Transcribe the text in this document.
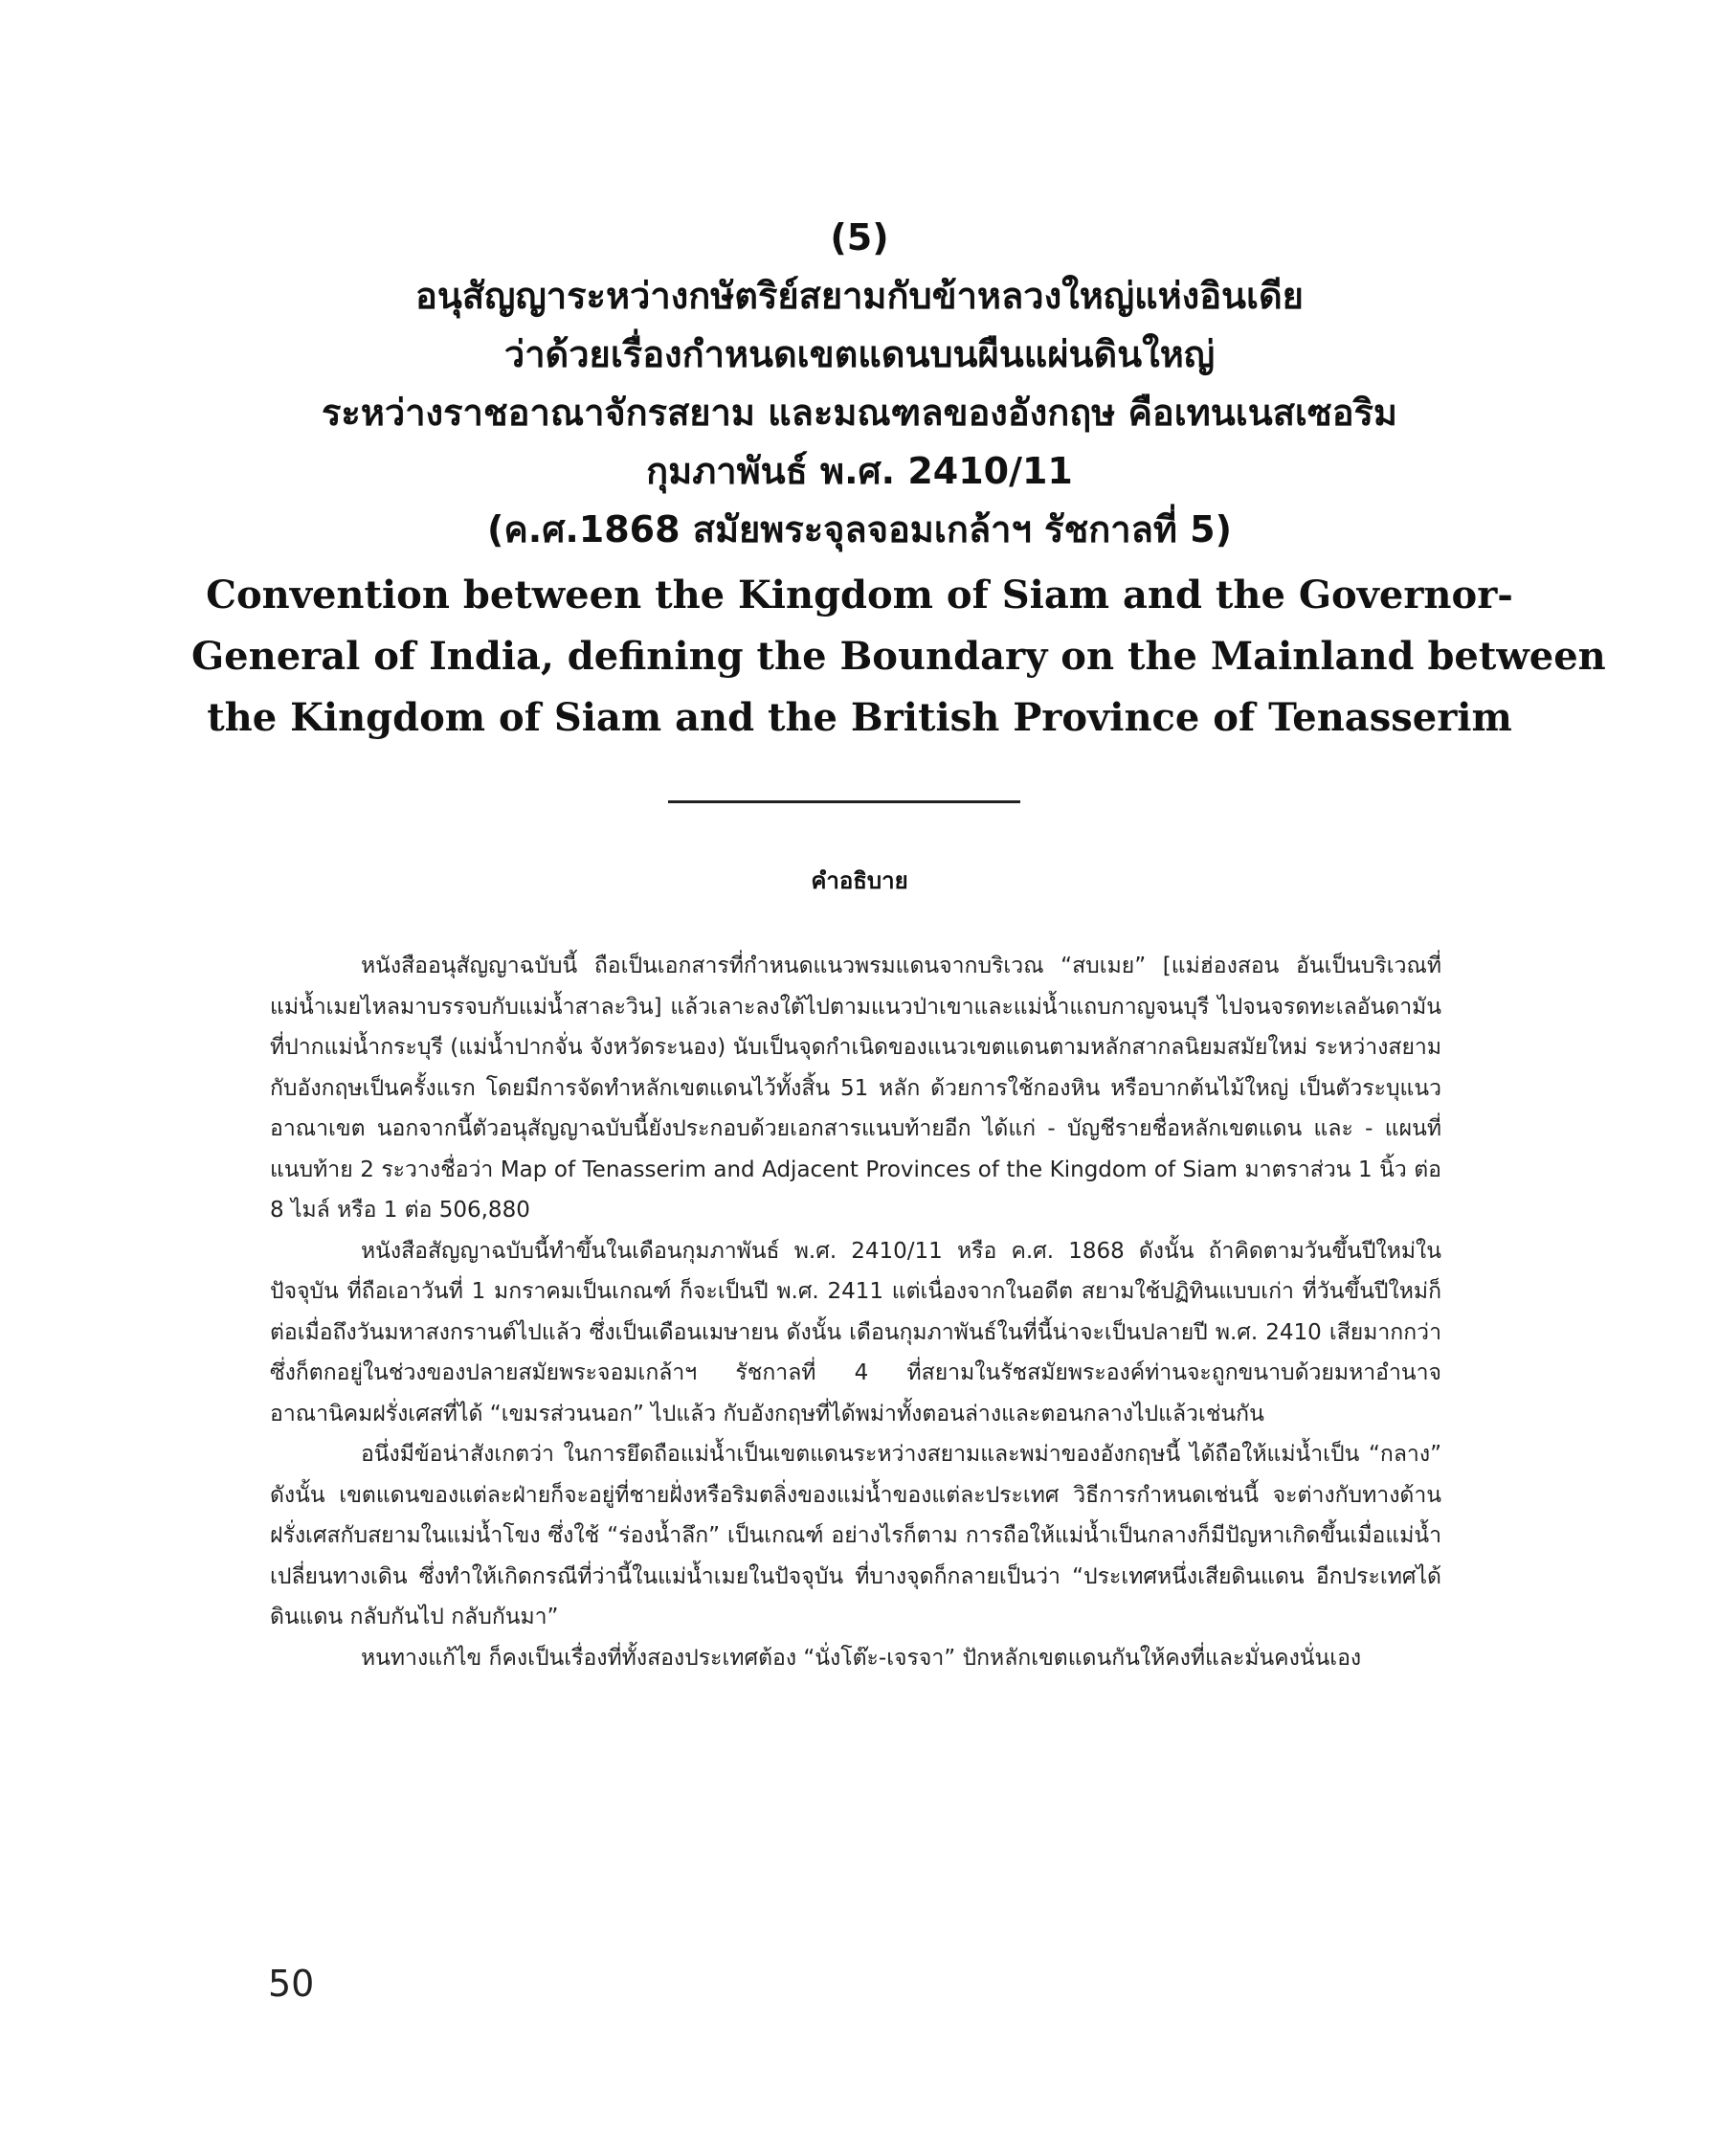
(5)
อนุสัญญาระหว่างกษัตริย์สยามกับข้าหลวงใหญ่แห่งอินเดีย
ว่าด้วยเรื่องกำหนดเขตแดนบนผืนแผ่นดินใหญ่
ระหว่างราชอาณาจักรสยาม และมณฑลของอังกฤษ คือเทนเนสเซอริม
กุมภาพันธ์ พ.ศ. 2410/11
(ค.ศ.1868 สมัยพระจุลจอมเกล้าฯ รัชกาลที่ 5)
Convention between the Kingdom of Siam and the Governor-
General of India, defining the Boundary on the Mainland between
the Kingdom of Siam and the British Province of Tenasserim
คำอธิบาย

หนังสืออนุสัญญาฉบับนี้ ถือเป็นเอกสารที่กำหนดแนวพรมแดนจากบริเวณ “สบเมย” [แม่ฮ่องสอน อันเป็นบริเวณที่แม่น้ำเมยไหลมาบรรจบกับแม่น้ำสาละวิน] แล้วเลาะลงใต้ไปตามแนวป่าเขาและแม่น้ำแถบกาญจนบุรี ไปจนจรดทะเลอันดามันที่ปากแม่น้ำกระบุรี (แม่น้ำปากจั่น จังหวัดระนอง) นับเป็นจุดกำเนิดของแนวเขตแดนตามหลักสากลนิยมสมัยใหม่ ระหว่างสยามกับอังกฤษเป็นครั้งแรก โดยมีการจัดทำหลักเขตแดนไว้ทั้งสิ้น 51 หลัก ด้วยการใช้กองหิน หรือบากต้นไม้ใหญ่ เป็นตัวระบุแนวอาณาเขต นอกจากนี้ตัวอนุสัญญาฉบับนี้ยังประกอบด้วยเอกสารแนบท้ายอีก ได้แก่ - บัญชีรายชื่อหลักเขตแดน และ - แผนที่แนบท้าย 2 ระวางชื่อว่า Map of Tenasserim and Adjacent Provinces of the Kingdom of Siam มาตราส่วน 1 นิ้ว ต่อ 8 ไมล์ หรือ 1 ต่อ 506,880

หนังสือสัญญาฉบับนี้ทำขึ้นในเดือนกุมภาพันธ์ พ.ศ. 2410/11 หรือ ค.ศ. 1868 ดังนั้น ถ้าคิดตามวันขึ้นปีใหม่ในปัจจุบัน ที่ถือเอาวันที่ 1 มกราคมเป็นเกณฑ์ ก็จะเป็นปี พ.ศ. 2411 แต่เนื่องจากในอดีต สยามใช้ปฏิทินแบบเก่า ที่วันขึ้นปีใหม่ก็ต่อเมื่อถึงวันมหาสงกรานต์ไปแล้ว ซึ่งเป็นเดือนเมษายน ดังนั้น เดือนกุมภาพันธ์ในที่นี้น่าจะเป็นปลายปี พ.ศ. 2410 เสียมากกว่า ซึ่งก็ตกอยู่ในช่วงของปลายสมัยพระจอมเกล้าฯ รัชกาลที่ 4 ที่สยามในรัชสมัยพระองค์ท่านจะถูกขนาบด้วยมหาอำนาจอาณานิคมฝรั่งเศสที่ได้ “เขมรส่วนนอก” ไปแล้ว กับอังกฤษที่ได้พม่าทั้งตอนล่างและตอนกลางไปแล้วเช่นกัน

อนึ่งมีข้อน่าสังเกตว่า ในการยึดถือแม่น้ำเป็นเขตแดนระหว่างสยามและพม่าของอังกฤษนี้ ได้ถือให้แม่น้ำเป็น “กลาง” ดังนั้น เขตแดนของแต่ละฝ่ายก็จะอยู่ที่ชายฝั่งหรือริมตลิ่งของแม่น้ำของแต่ละประเทศ วิธีการกำหนดเช่นนี้ จะต่างกับทางด้านฝรั่งเศสกับสยามในแม่น้ำโขง ซึ่งใช้ “ร่องน้ำลึก” เป็นเกณฑ์ อย่างไรก็ตาม การถือให้แม่น้ำเป็นกลางก็มีปัญหาเกิดขึ้นเมื่อแม่น้ำเปลี่ยนทางเดิน ซึ่งทำให้เกิดกรณีที่ว่านี้ในแม่น้ำเมยในปัจจุบัน ที่บางจุดก็กลายเป็นว่า “ประเทศหนึ่งเสียดินแดน อีกประเทศได้ดินแดน กลับกันไป กลับกันมา”

หนทางแก้ไข ก็คงเป็นเรื่องที่ทั้งสองประเทศต้อง “นั่งโต๊ะ-เจรจา” ปักหลักเขตแดนกันให้คงที่และมั่นคงนั่นเอง

50
